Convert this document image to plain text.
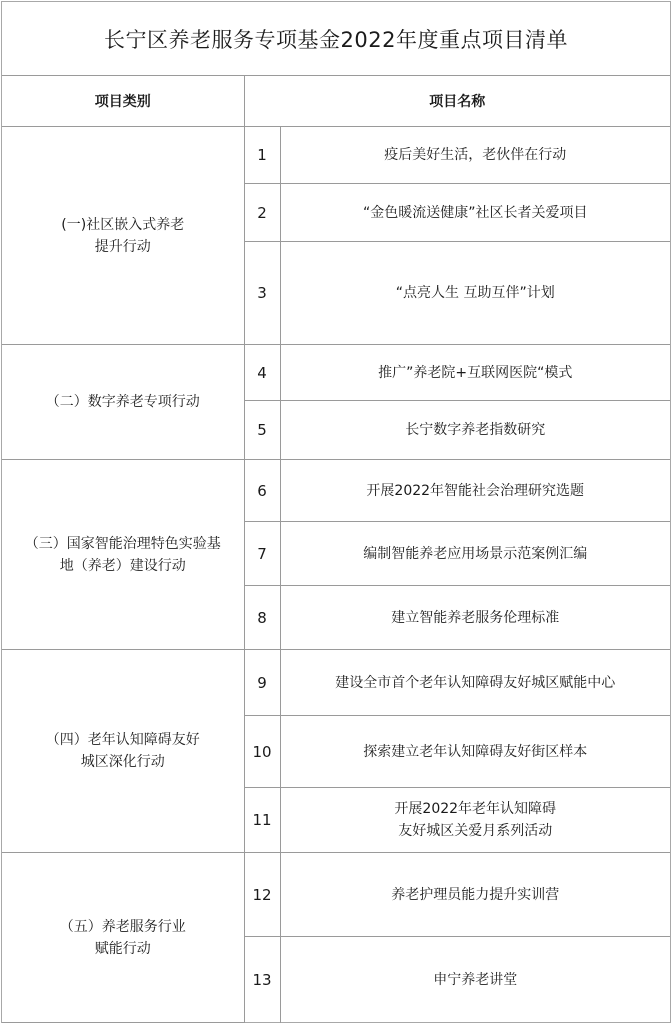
长宁区养老服务专项基金2022年度重点项目清单
项目类别	项目名称	

(一)社区嵌入式养老
提升行动	1	疫后美好生活，老伙伴在行动
	2	“金色暖流送健康”社区长者关爱项目
	3	“点亮人生 互助互伴”计划

（二）数字养老专项行动	4	推广”养老院+互联网医院“模式
	5	长宁数字养老指数研究

（三）国家智能治理特色实验基
地（养老）建设行动	6	开展2022年智能社会治理研究选题
	7	编制智能养老应用场景示范案例汇编
	8	建立智能养老服务伦理标准

（四）老年认知障碍友好
城区深化行动	9	建设全市首个老年认知障碍友好城区赋能中心
	10	探索建立老年认知障碍友好街区样本
	11	开展2022年老年认知障碍
友好城区关爱月系列活动

（五）养老服务行业
赋能行动	12	养老护理员能力提升实训营
	13	申宁养老讲堂
